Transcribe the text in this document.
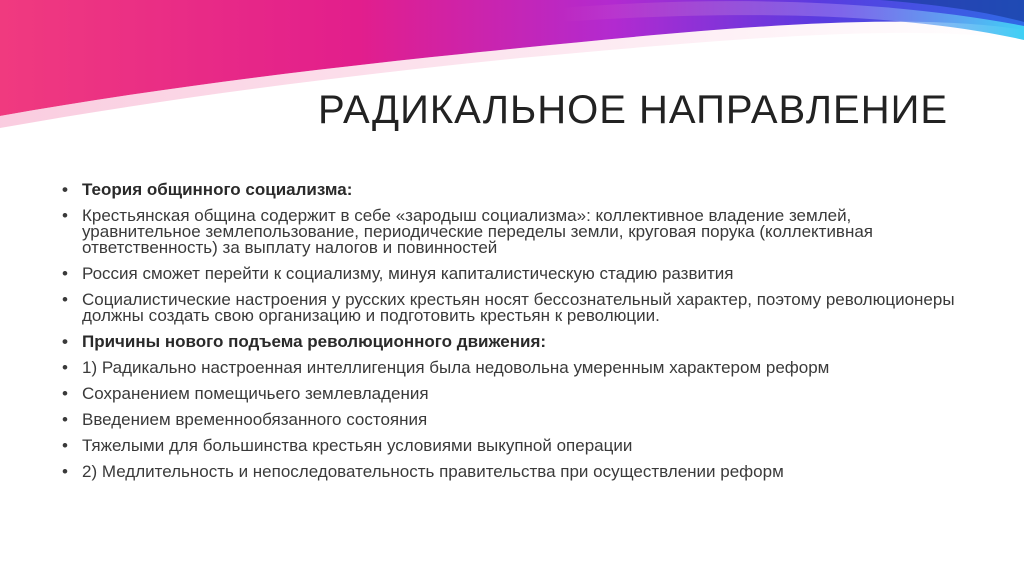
РАДИКАЛЬНОЕ НАПРАВЛЕНИЕ
• Теория общинного социализма:
• Крестьянская община содержит в себе «зародыш социализма»: коллективное владение землей, уравнительное землепользование, периодические переделы земли, круговая порука (коллективная ответственность) за выплату налогов и повинностей
• Россия сможет перейти к социализму, минуя капиталистическую стадию развития
• Социалистические настроения у русских крестьян носят бессознательный характер, поэтому революционеры должны создать свою организацию и подготовить крестьян к революции.
• Причины нового подъема революционного движения:
• 1) Радикально настроенная интеллигенция была недовольна умеренным характером реформ
• Сохранением помещичьего землевладения
• Введением временнообязанного состояния
• Тяжелыми для большинства крестьян условиями выкупной операции
• 2) Медлительность и непоследовательность правительства при осуществлении реформ
